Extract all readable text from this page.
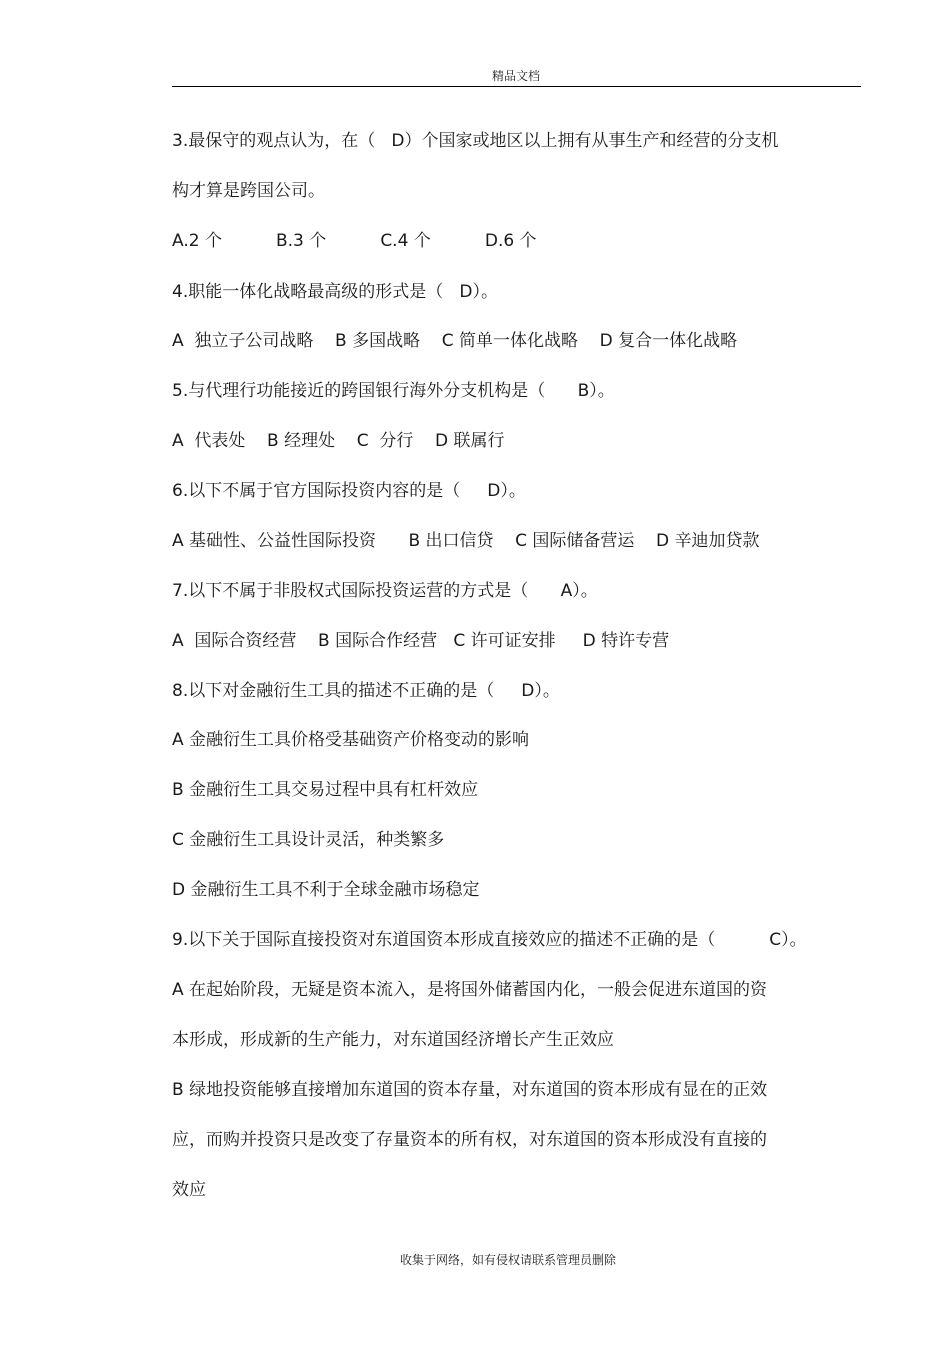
精品文档
3.最保守的观点认为，在（   D）个国家或地区以上拥有从事生产和经营的分支机
构才算是跨国公司。
A.2 个          B.3 个          C.4 个          D.6 个
4.职能一体化战略最高级的形式是（   D）。
A  独立子公司战略    B 多国战略    C 简单一体化战略    D 复合一体化战略
5.与代理行功能接近的跨国银行海外分支机构是（      B）。
A  代表处    B 经理处    C  分行    D 联属行
6.以下不属于官方国际投资内容的是（     D）。
A 基础性、公益性国际投资      B 出口信贷    C 国际储备营运    D 辛迪加贷款
7.以下不属于非股权式国际投资运营的方式是（      A）。
A  国际合资经营    B 国际合作经营   C 许可证安排     D 特许专营
8.以下对金融衍生工具的描述不正确的是（     D）。
A 金融衍生工具价格受基础资产价格变动的影响
B 金融衍生工具交易过程中具有杠杆效应
C 金融衍生工具设计灵活，种类繁多
D 金融衍生工具不利于全球金融市场稳定
9.以下关于国际直接投资对东道国资本形成直接效应的描述不正确的是（          C）。
A 在起始阶段，无疑是资本流入，是将国外储蓄国内化，一般会促进东道国的资
本形成，形成新的生产能力，对东道国经济增长产生正效应
B 绿地投资能够直接增加东道国的资本存量，对东道国的资本形成有显在的正效
应，而购并投资只是改变了存量资本的所有权，对东道国的资本形成没有直接的
效应
收集于网络，如有侵权请联系管理员删除
